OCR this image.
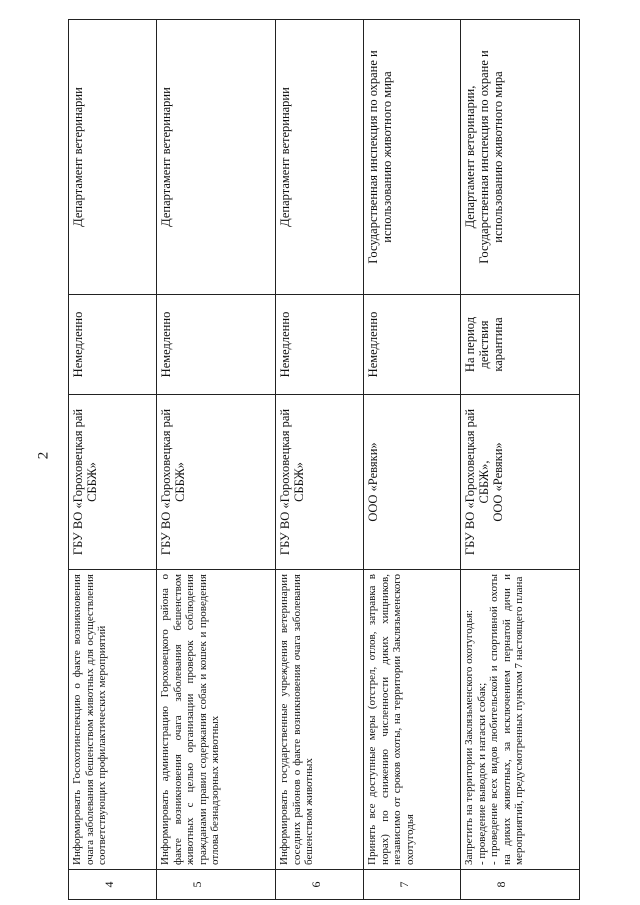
2
4	Информировать Госохотинспекцию о факте возникновения очага заболевания бешенством животных для осуществления соответствующих профилактических мероприятий	ГБУ ВО «Гороховецкая рай СББЖ»	Немедленно	Департамент ветеринарии
5	Информировать администрацию Гороховецкого района о факте возникновения очага заболевания бешенством животных с целью организации проверок соблюдения гражданами правил содержания собак и кошек и проведения отлова безнадзорных животных	ГБУ ВО «Гороховецкая рай СББЖ»	Немедленно	Департамент ветеринарии
6	Информировать государственные учреждения ветеринарии соседних районов о факте возникновения очага заболевания бешенством животных	ГБУ ВО «Гороховецкая рай СББЖ»	Немедленно	Департамент ветеринарии
7	Принять все доступные меры (отстрел, отлов, затравка в норах) по снижению численности диких хищников, независимо от сроков охоты, на территории Заклязьменского охотугодья	ООО «Ревяки»	Немедленно	Государственная инспекция по охране и использованию животного мира
8	Запретить на территории Заклязьменского охотугодья: - проведение выводок и натаски собак; - проведение всех видов любительской и спортивной охоты на диких животных, за исключением пернатой дичи и мероприятий, предусмотренных пунктом 7 настоящего плана	ГБУ ВО «Гороховецкая рай СББЖ», ООО «Ревяки»	На период действия карантина	Департамент ветеринарии, Государственная инспекция по охране и использованию животного мира
